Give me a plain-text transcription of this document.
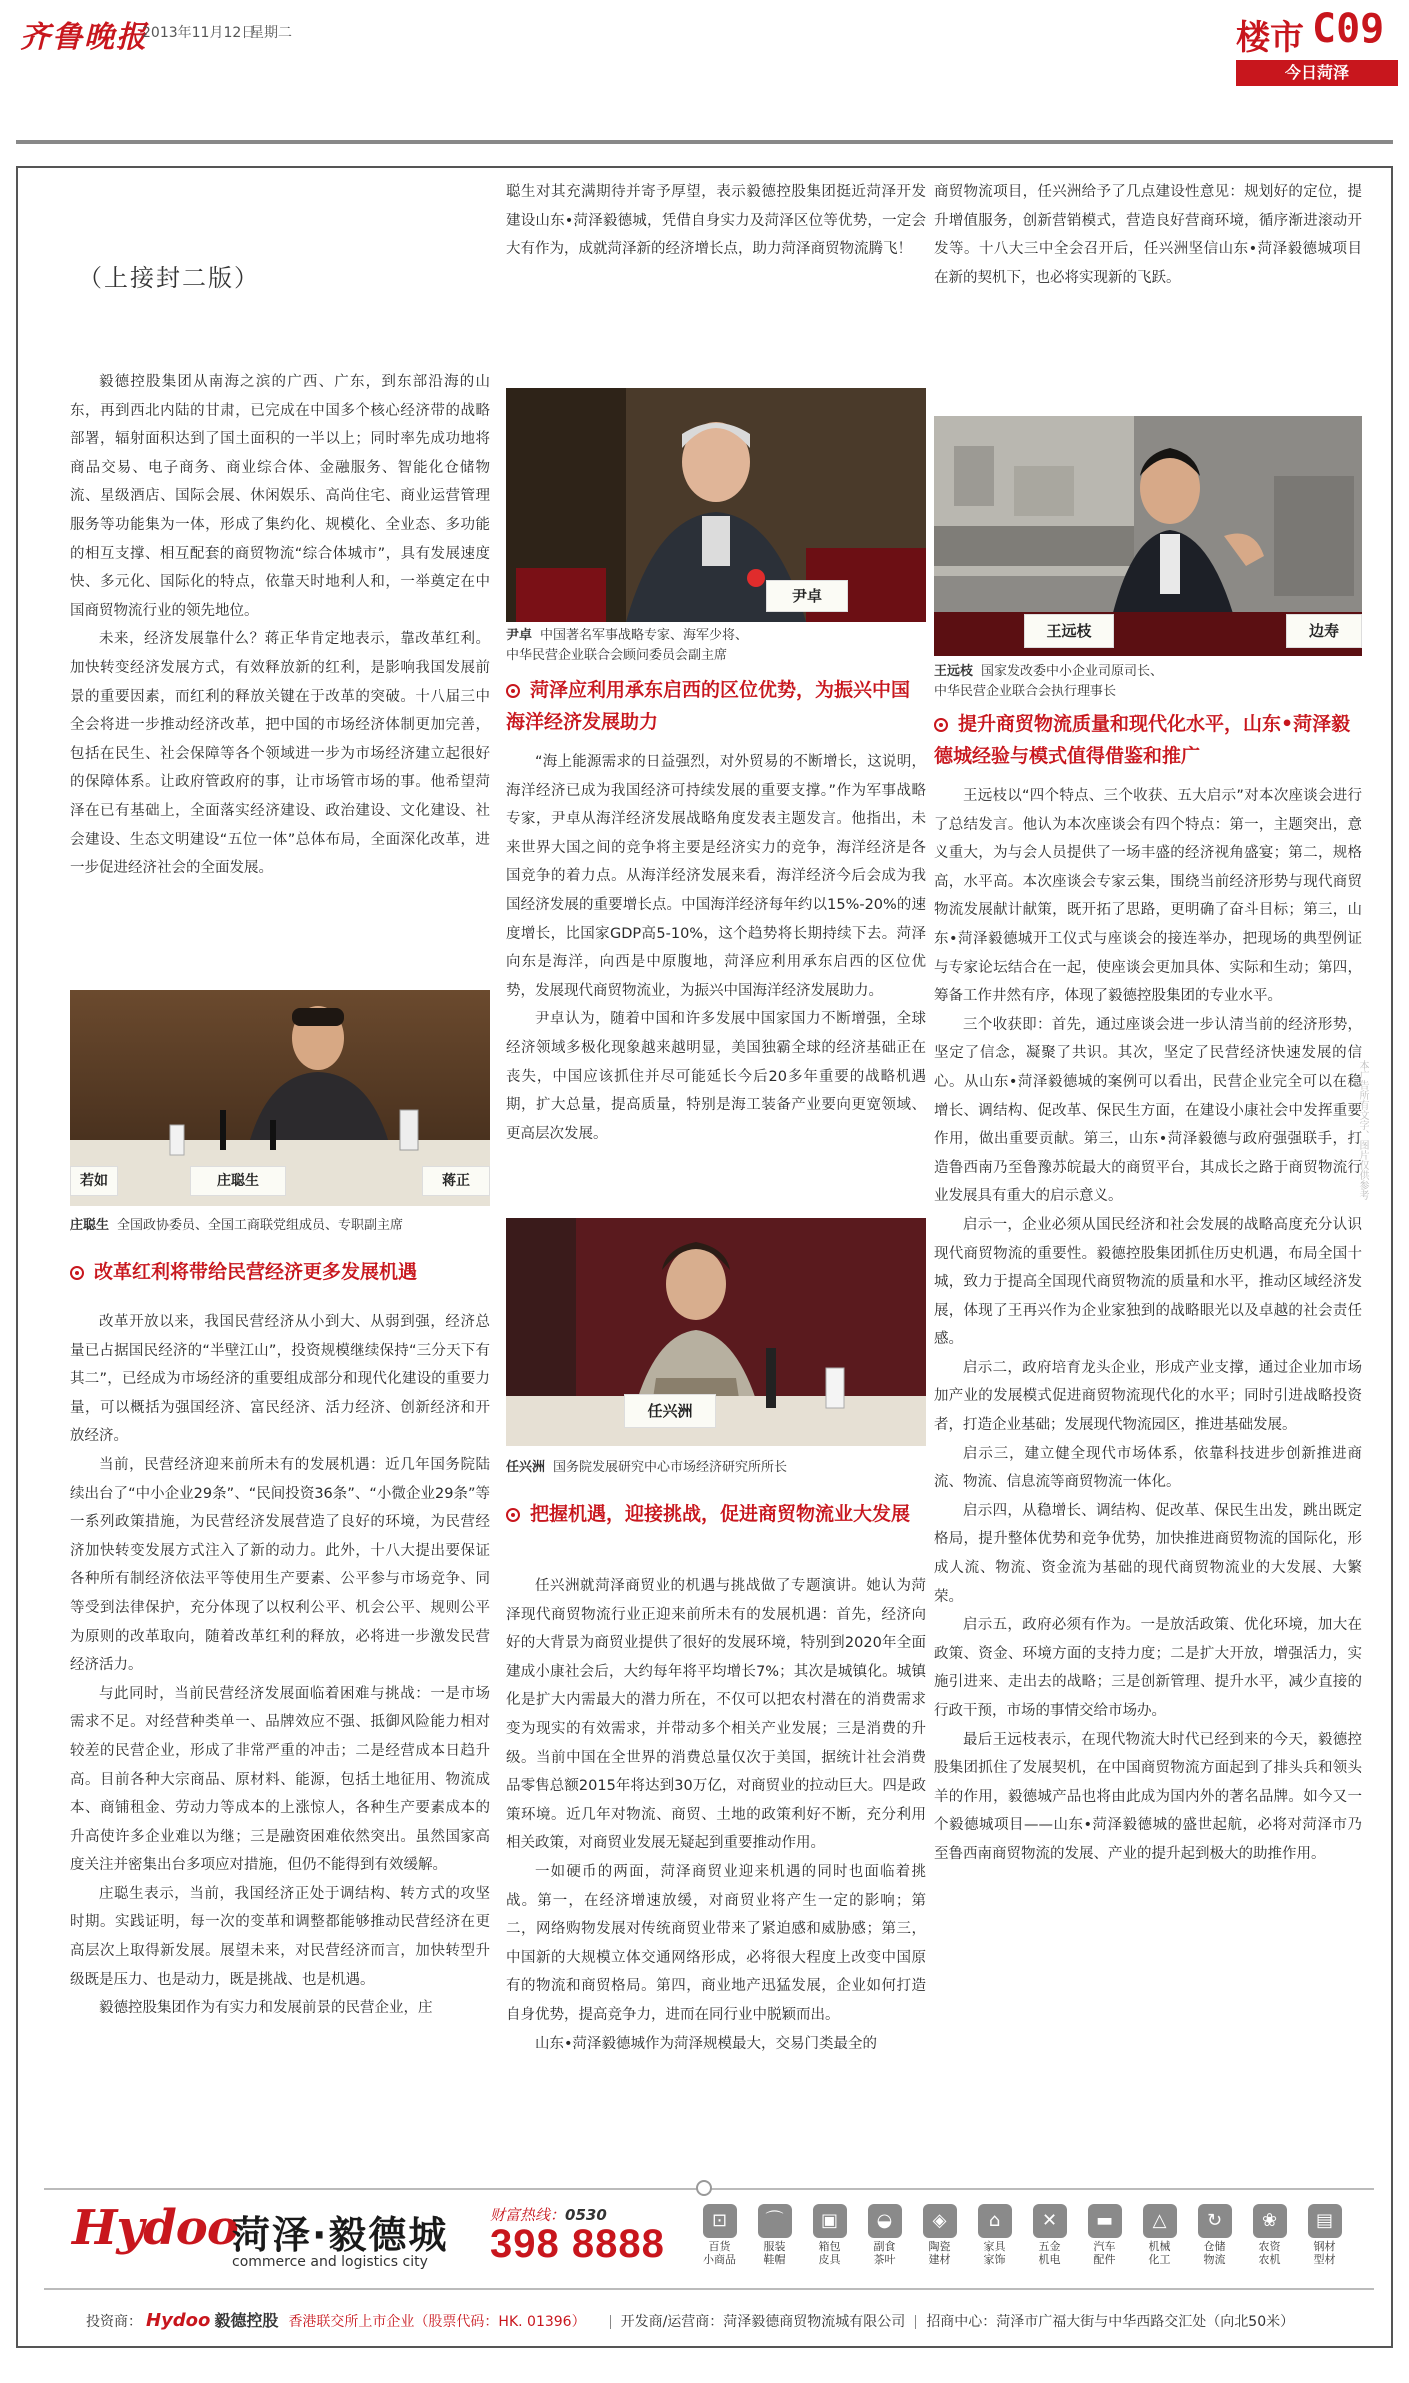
齐鲁晚报
2013年11月12日
星期二	楼市 C09
今日菏泽
（上接封二版）

毅德控股集团从南海之滨的广西、广东，到东部沿海的山东，再到西北内陆的甘肃，已完成在中国多个核心经济带的战略部署，辐射面积达到了国土面积的一半以上；同时率先成功地将商品交易、电子商务、商业综合体、金融服务、智能化仓储物流、星级酒店、国际会展、休闲娱乐、高尚住宅、商业运营管理服务等功能集为一体，形成了集约化、规模化、全业态、多功能的相互支撑、相互配套的商贸物流“综合体城市”，具有发展速度快、多元化、国际化的特点，依靠天时地利人和，一举奠定在中国商贸物流行业的领先地位。

未来，经济发展靠什么？蒋正华肯定地表示，靠改革红利。加快转变经济发展方式，有效释放新的红利，是影响我国发展前景的重要因素，而红利的释放关键在于改革的突破。十八届三中全会将进一步推动经济改革，把中国的市场经济体制更加完善，包括在民生、社会保障等各个领域进一步为市场经济建立起很好的保障体系。让政府管政府的事，让市场管市场的事。他希望菏泽在已有基础上，全面落实经济建设、政治建设、文化建设、社会建设、生态文明建设“五位一体”总体布局，全面深化改革，进一步促进经济社会的全面发展。

若如	庄聪生	蒋正
庄聪生 全国政协委员、全国工商联党组成员、专职副主席
改革红利将带给民营经济更多发展机遇

改革开放以来，我国民营经济从小到大、从弱到强，经济总量已占据国民经济的“半壁江山”，投资规模继续保持“三分天下有其二”，已经成为市场经济的重要组成部分和现代化建设的重要力量，可以概括为强国经济、富民经济、活力经济、创新经济和开放经济。

当前，民营经济迎来前所未有的发展机遇：近几年国务院陆续出台了“中小企业29条”、“民间投资36条”、“小微企业29条”等一系列政策措施，为民营经济发展营造了良好的环境，为民营经济加快转变发展方式注入了新的动力。此外，十八大提出要保证各种所有制经济依法平等使用生产要素、公平参与市场竞争、同等受到法律保护，充分体现了以权利公平、机会公平、规则公平为原则的改革取向，随着改革红利的释放，必将进一步激发民营经济活力。

与此同时，当前民营经济发展面临着困难与挑战：一是市场需求不足。对经营种类单一、品牌效应不强、抵御风险能力相对较差的民营企业，形成了非常严重的冲击；二是经营成本日趋升高。目前各种大宗商品、原材料、能源，包括土地征用、物流成本、商铺租金、劳动力等成本的上涨惊人，各种生产要素成本的升高使许多企业难以为继；三是融资困难依然突出。虽然国家高度关注并密集出台多项应对措施，但仍不能得到有效缓解。

庄聪生表示，当前，我国经济正处于调结构、转方式的攻坚时期。实践证明，每一次的变革和调整都能够推动民营经济在更高层次上取得新发展。展望未来，对民营经济而言，加快转型升级既是压力、也是动力，既是挑战、也是机遇。

毅德控股集团作为有实力和发展前景的民营企业，庄

聪生对其充满期待并寄予厚望，表示毅德控股集团挺近菏泽开发建设山东•菏泽毅德城，凭借自身实力及菏泽区位等优势，一定会大有作为，成就菏泽新的经济增长点，助力菏泽商贸物流腾飞！

尹卓
尹卓 中国著名军事战略专家、海军少将、
中华民营企业联合会顾问委员会副主席
菏泽应利用承东启西的区位优势，为振兴中国海洋经济发展助力

“海上能源需求的日益强烈，对外贸易的不断增长，这说明，海洋经济已成为我国经济可持续发展的重要支撑。”作为军事战略专家，尹卓从海洋经济发展战略角度发表主题发言。他指出，未来世界大国之间的竞争将主要是经济实力的竞争，海洋经济是各国竞争的着力点。从海洋经济发展来看，海洋经济今后会成为我国经济发展的重要增长点。中国海洋经济每年约以15%-20%的速度增长，比国家GDP高5-10%，这个趋势将长期持续下去。菏泽向东是海洋，向西是中原腹地，菏泽应利用承东启西的区位优势，发展现代商贸物流业，为振兴中国海洋经济发展助力。

尹卓认为，随着中国和许多发展中国家国力不断增强，全球经济领域多极化现象越来越明显，美国独霸全球的经济基础正在丧失，中国应该抓住并尽可能延长今后20多年重要的战略机遇期，扩大总量，提高质量，特别是海工装备产业要向更宽领域、更高层次发展。

任兴洲
任兴洲 国务院发展研究中心市场经济研究所所长
把握机遇，迎接挑战，促进商贸物流业大发展

任兴洲就菏泽商贸业的机遇与挑战做了专题演讲。她认为菏泽现代商贸物流行业正迎来前所未有的发展机遇：首先，经济向好的大背景为商贸业提供了很好的发展环境，特别到2020年全面建成小康社会后，大约每年将平均增长7%；其次是城镇化。城镇化是扩大内需最大的潜力所在，不仅可以把农村潜在的消费需求变为现实的有效需求，并带动多个相关产业发展；三是消费的升级。当前中国在全世界的消费总量仅次于美国，据统计社会消费品零售总额2015年将达到30万亿，对商贸业的拉动巨大。四是政策环境。近几年对物流、商贸、土地的政策利好不断，充分利用相关政策，对商贸业发展无疑起到重要推动作用。

一如硬币的两面，菏泽商贸业迎来机遇的同时也面临着挑战。第一，在经济增速放缓，对商贸业将产生一定的影响；第二，网络购物发展对传统商贸业带来了紧迫感和威胁感；第三，中国新的大规模立体交通网络形成，必将很大程度上改变中国原有的物流和商贸格局。第四，商业地产迅猛发展，企业如何打造自身优势，提高竞争力，进而在同行业中脱颖而出。

山东•菏泽毅德城作为菏泽规模最大，交易门类最全的

商贸物流项目，任兴洲给予了几点建设性意见：规划好的定位，提升增值服务，创新营销模式，营造良好营商环境，循序渐进滚动开发等。十八大三中全会召开后，任兴洲坚信山东•菏泽毅德城项目在新的契机下，也必将实现新的飞跃。

王远枝	边寿
王远枝 国家发改委中小企业司原司长、
中华民营企业联合会执行理事长
提升商贸物流质量和现代化水平，山东•菏泽毅德城经验与模式值得借鉴和推广

王远枝以“四个特点、三个收获、五大启示”对本次座谈会进行了总结发言。他认为本次座谈会有四个特点：第一，主题突出，意义重大，为与会人员提供了一场丰盛的经济视角盛宴；第二，规格高，水平高。本次座谈会专家云集，围绕当前经济形势与现代商贸物流发展献计献策，既开拓了思路，更明确了奋斗目标；第三，山东•菏泽毅德城开工仪式与座谈会的接连举办，把现场的典型例证与专家论坛结合在一起，使座谈会更加具体、实际和生动；第四，筹备工作井然有序，体现了毅德控股集团的专业水平。

三个收获即：首先，通过座谈会进一步认清当前的经济形势，坚定了信念，凝聚了共识。其次，坚定了民营经济快速发展的信心。从山东•菏泽毅德城的案例可以看出，民营企业完全可以在稳增长、调结构、促改革、保民生方面，在建设小康社会中发挥重要作用，做出重要贡献。第三，山东•菏泽毅德与政府强强联手，打造鲁西南乃至鲁豫苏皖最大的商贸平台，其成长之路于商贸物流行业发展具有重大的启示意义。

启示一，企业必须从国民经济和社会发展的战略高度充分认识现代商贸物流的重要性。毅德控股集团抓住历史机遇，布局全国十城，致力于提高全国现代商贸物流的质量和水平，推动区域经济发展，体现了王再兴作为企业家独到的战略眼光以及卓越的社会责任感。

启示二，政府培育龙头企业，形成产业支撑，通过企业加市场加产业的发展模式促进商贸物流现代化的水平；同时引进战略投资者，打造企业基础；发展现代物流园区，推进基础发展。

启示三，建立健全现代市场体系，依靠科技进步创新推进商流、物流、信息流等商贸物流一体化。

启示四，从稳增长、调结构、促改革、保民生出发，跳出既定格局，提升整体优势和竞争优势，加快推进商贸物流的国际化，形成人流、物流、资金流为基础的现代商贸物流业的大发展、大繁荣。

启示五，政府必须有作为。一是放活政策、优化环境，加大在政策、资金、环境方面的支持力度；二是扩大开放，增强活力，实施引进来、走出去的战略；三是创新管理、提升水平，减少直接的行政干预，市场的事情交给市场办。

最后王远枝表示，在现代物流大时代已经到来的今天，毅德控股集团抓住了发展契机，在中国商贸物流方面起到了排头兵和领头羊的作用，毅德城产品也将由此成为国内外的著名品牌。如今又一个毅德城项目——山东•菏泽毅德城的盛世起航，必将对菏泽市乃至鲁西南商贸物流的发展、产业的提升起到极大的助推作用。

本广告所有文字、图片仅供参考
Hydoo
菏泽·毅德城
commerce and logistics city
财富热线：0530
398 8888
⊡
百货
小商品
⌒
服装
鞋帽
▣
箱包
皮具
◒
副食
茶叶
◈
陶瓷
建材
⌂
家具
家饰
✕
五金
机电
▬
汽车
配件
△
机械
化工
↻
仓储
物流
❀
农资
农机
▤
钢材
型材
投资商： Hydoo 毅德控股 香港联交所上市企业（股票代码：HK. 01396）	开发商/运营商：菏泽毅德商贸物流城有限公司 招商中心：菏泽市广福大街与中华西路交汇处（向北50米）
